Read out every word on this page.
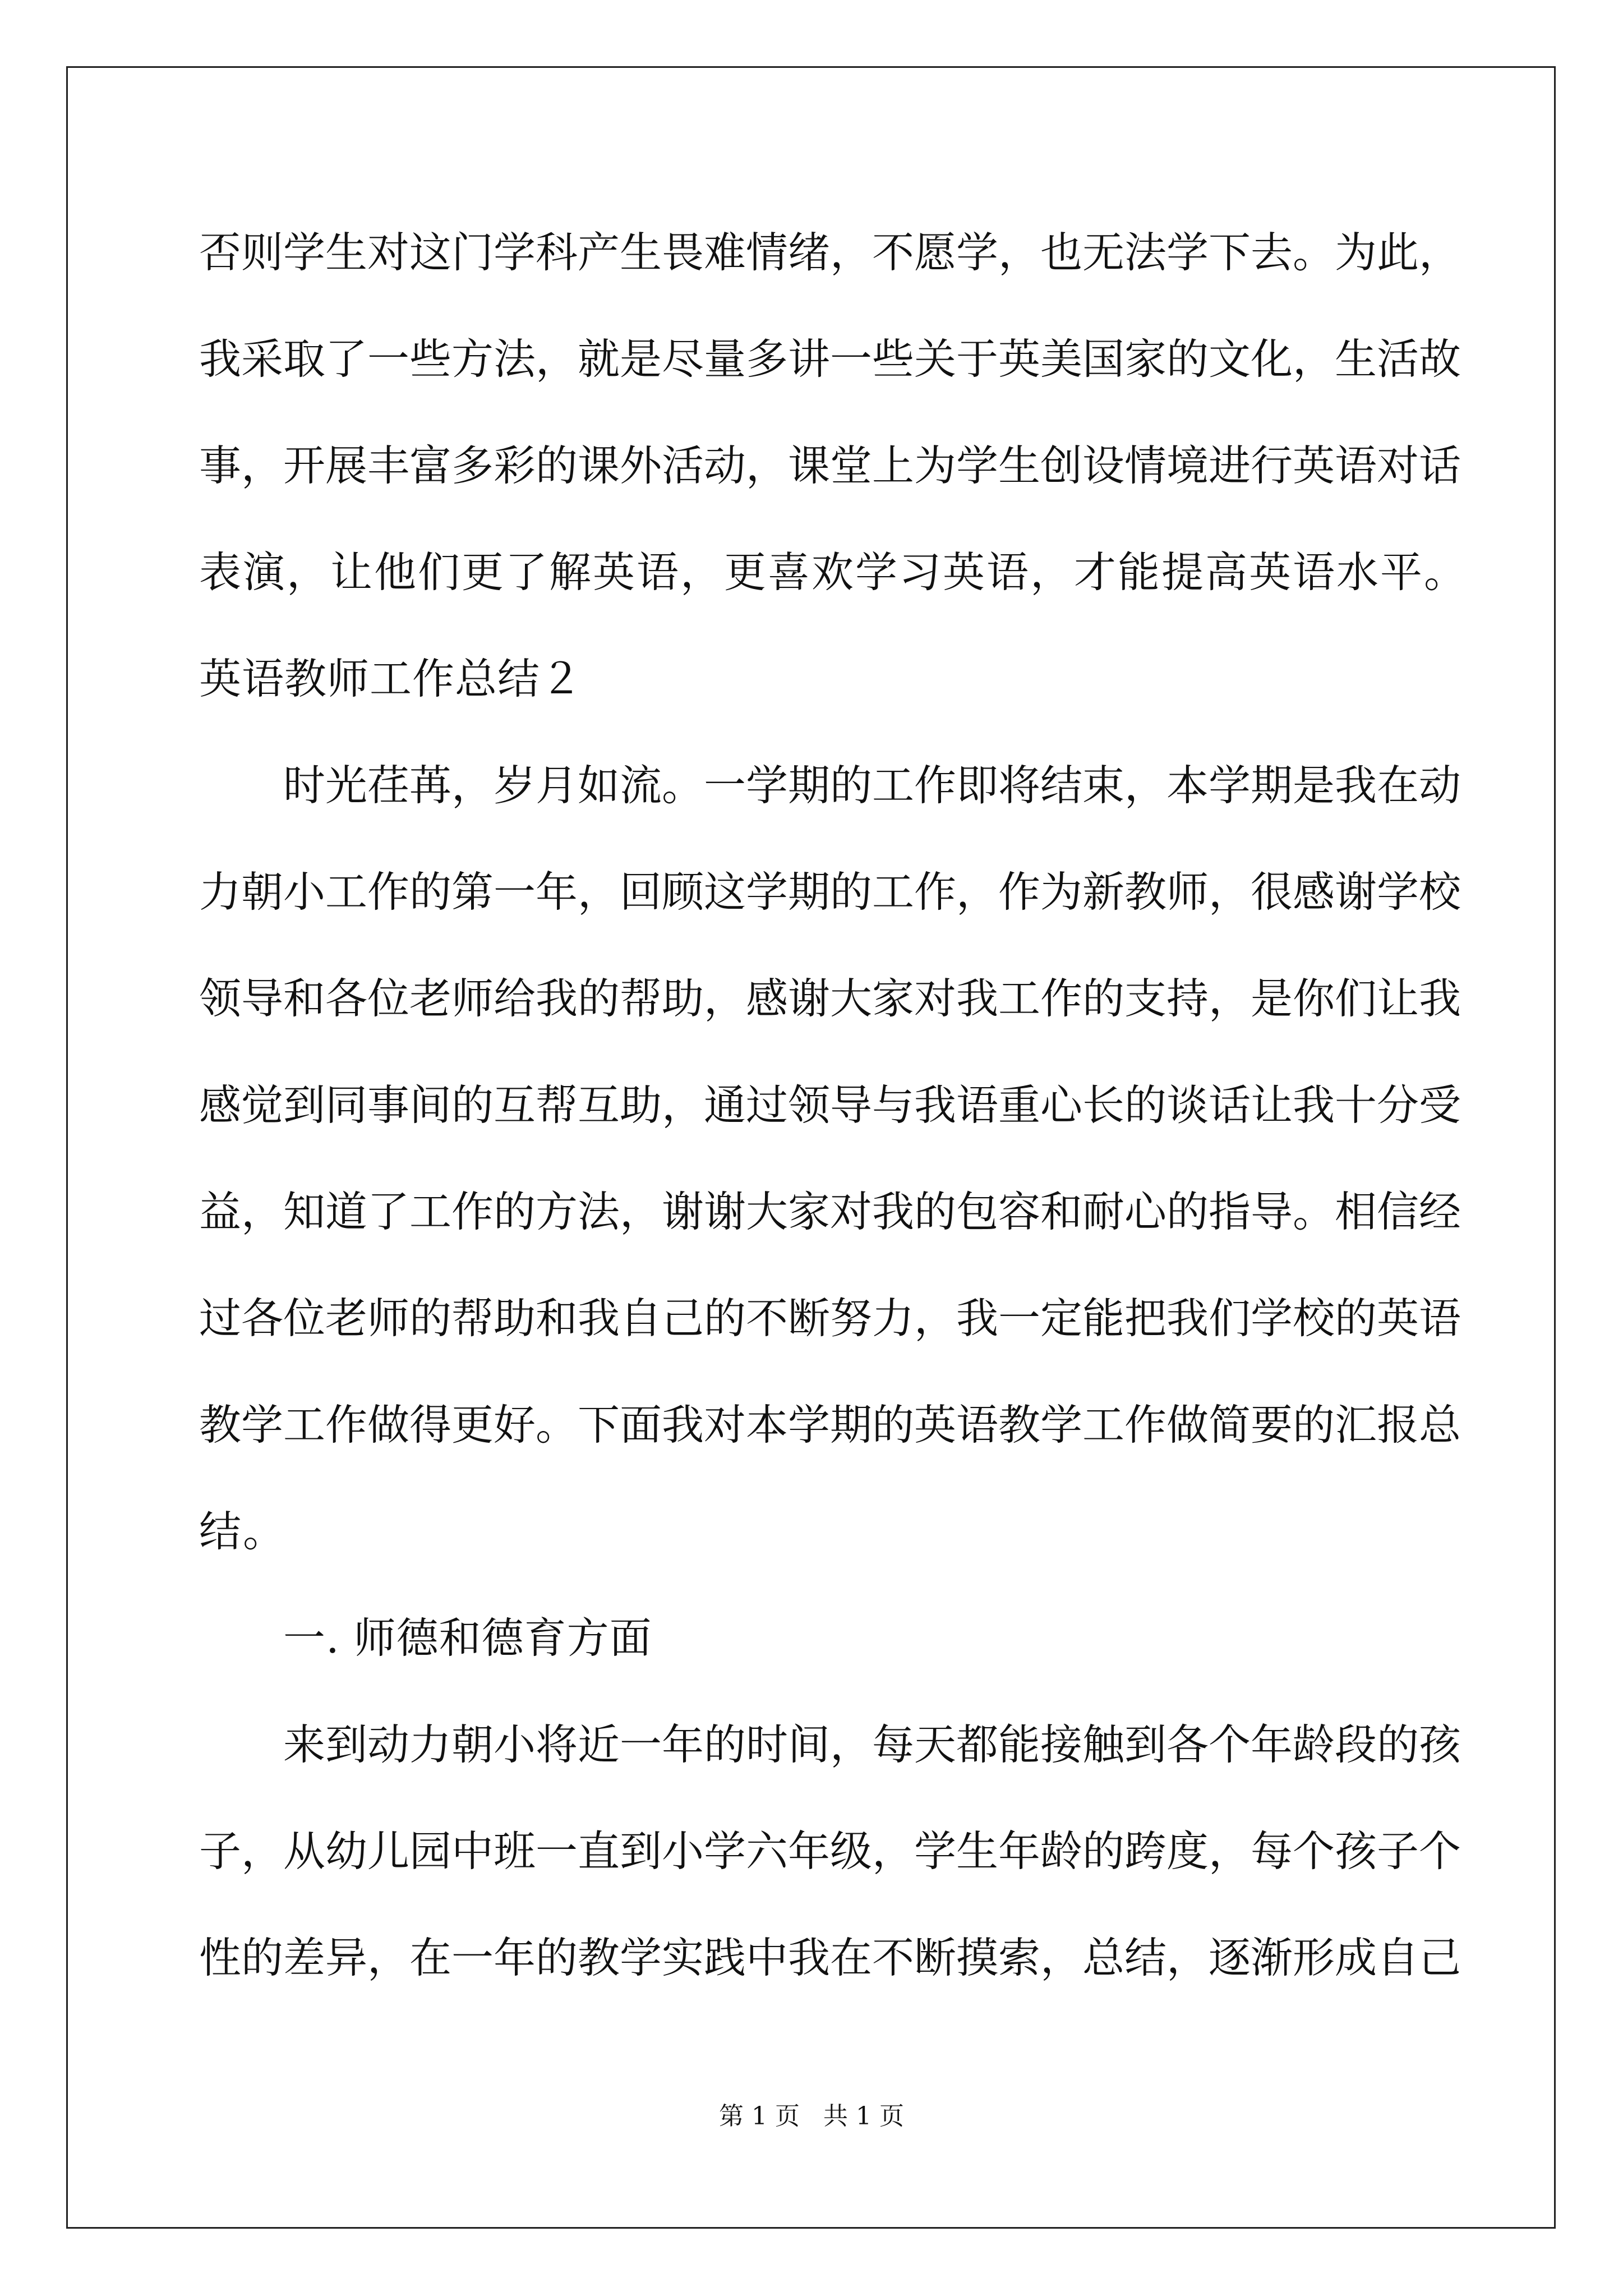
否则学生对这门学科产生畏难情绪，不愿学，也无法学下去。为此，
我采取了一些方法，就是尽量多讲一些关于英美国家的文化，生活故
事，开展丰富多彩的课外活动，课堂上为学生创设情境进行英语对话
表演，让他们更了解英语，更喜欢学习英语，才能提高英语水平。
英语教师工作总结２
时光荏苒，岁月如流。一学期的工作即将结束，本学期是我在动
力朝小工作的第一年，回顾这学期的工作，作为新教师，很感谢学校
领导和各位老师给我的帮助，感谢大家对我工作的支持，是你们让我
感觉到同事间的互帮互助，通过领导与我语重心长的谈话让我十分受
益，知道了工作的方法，谢谢大家对我的包容和耐心的指导。相信经
过各位老师的帮助和我自己的不断努力，我一定能把我们学校的英语
教学工作做得更好。下面我对本学期的英语教学工作做简要的汇报总
结。
一. 师德和德育方面
来到动力朝小将近一年的时间，每天都能接触到各个年龄段的孩
子，从幼儿园中班一直到小学六年级，学生年龄的跨度，每个孩子个
性的差异，在一年的教学实践中我在不断摸索，总结，逐渐形成自己
第 1 页   共 1 页
